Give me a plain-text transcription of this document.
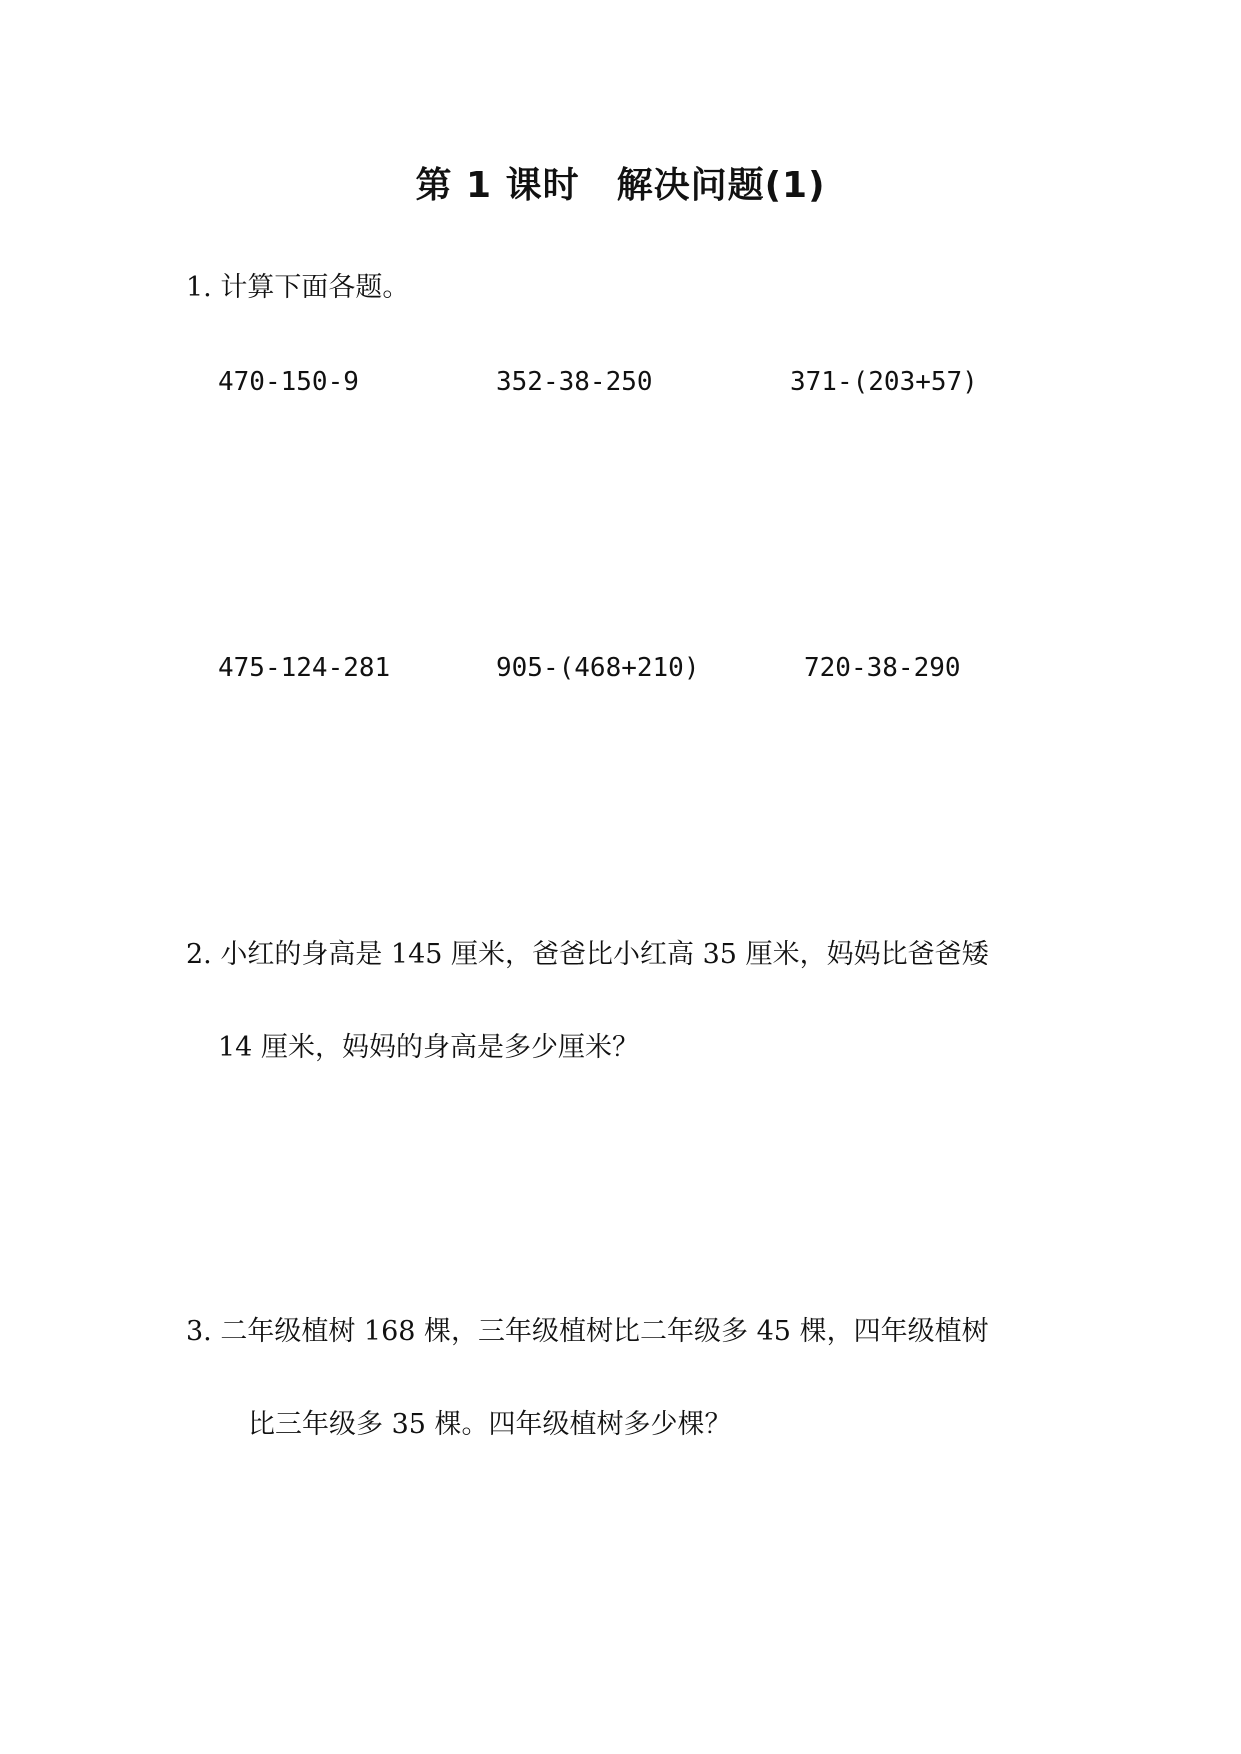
第 1 课时　解决问题(1)
1. 计算下面各题。
470-150-9	352-38-250	371-(203+57)
475-124-281	905-(468+210)	720-38-290
2. 小红的身高是 145 厘米，爸爸比小红高 35 厘米，妈妈比爸爸矮
14 厘米，妈妈的身高是多少厘米？
3. 二年级植树 168 棵，三年级植树比二年级多 45 棵，四年级植树
比三年级多 35 棵。四年级植树多少棵？
